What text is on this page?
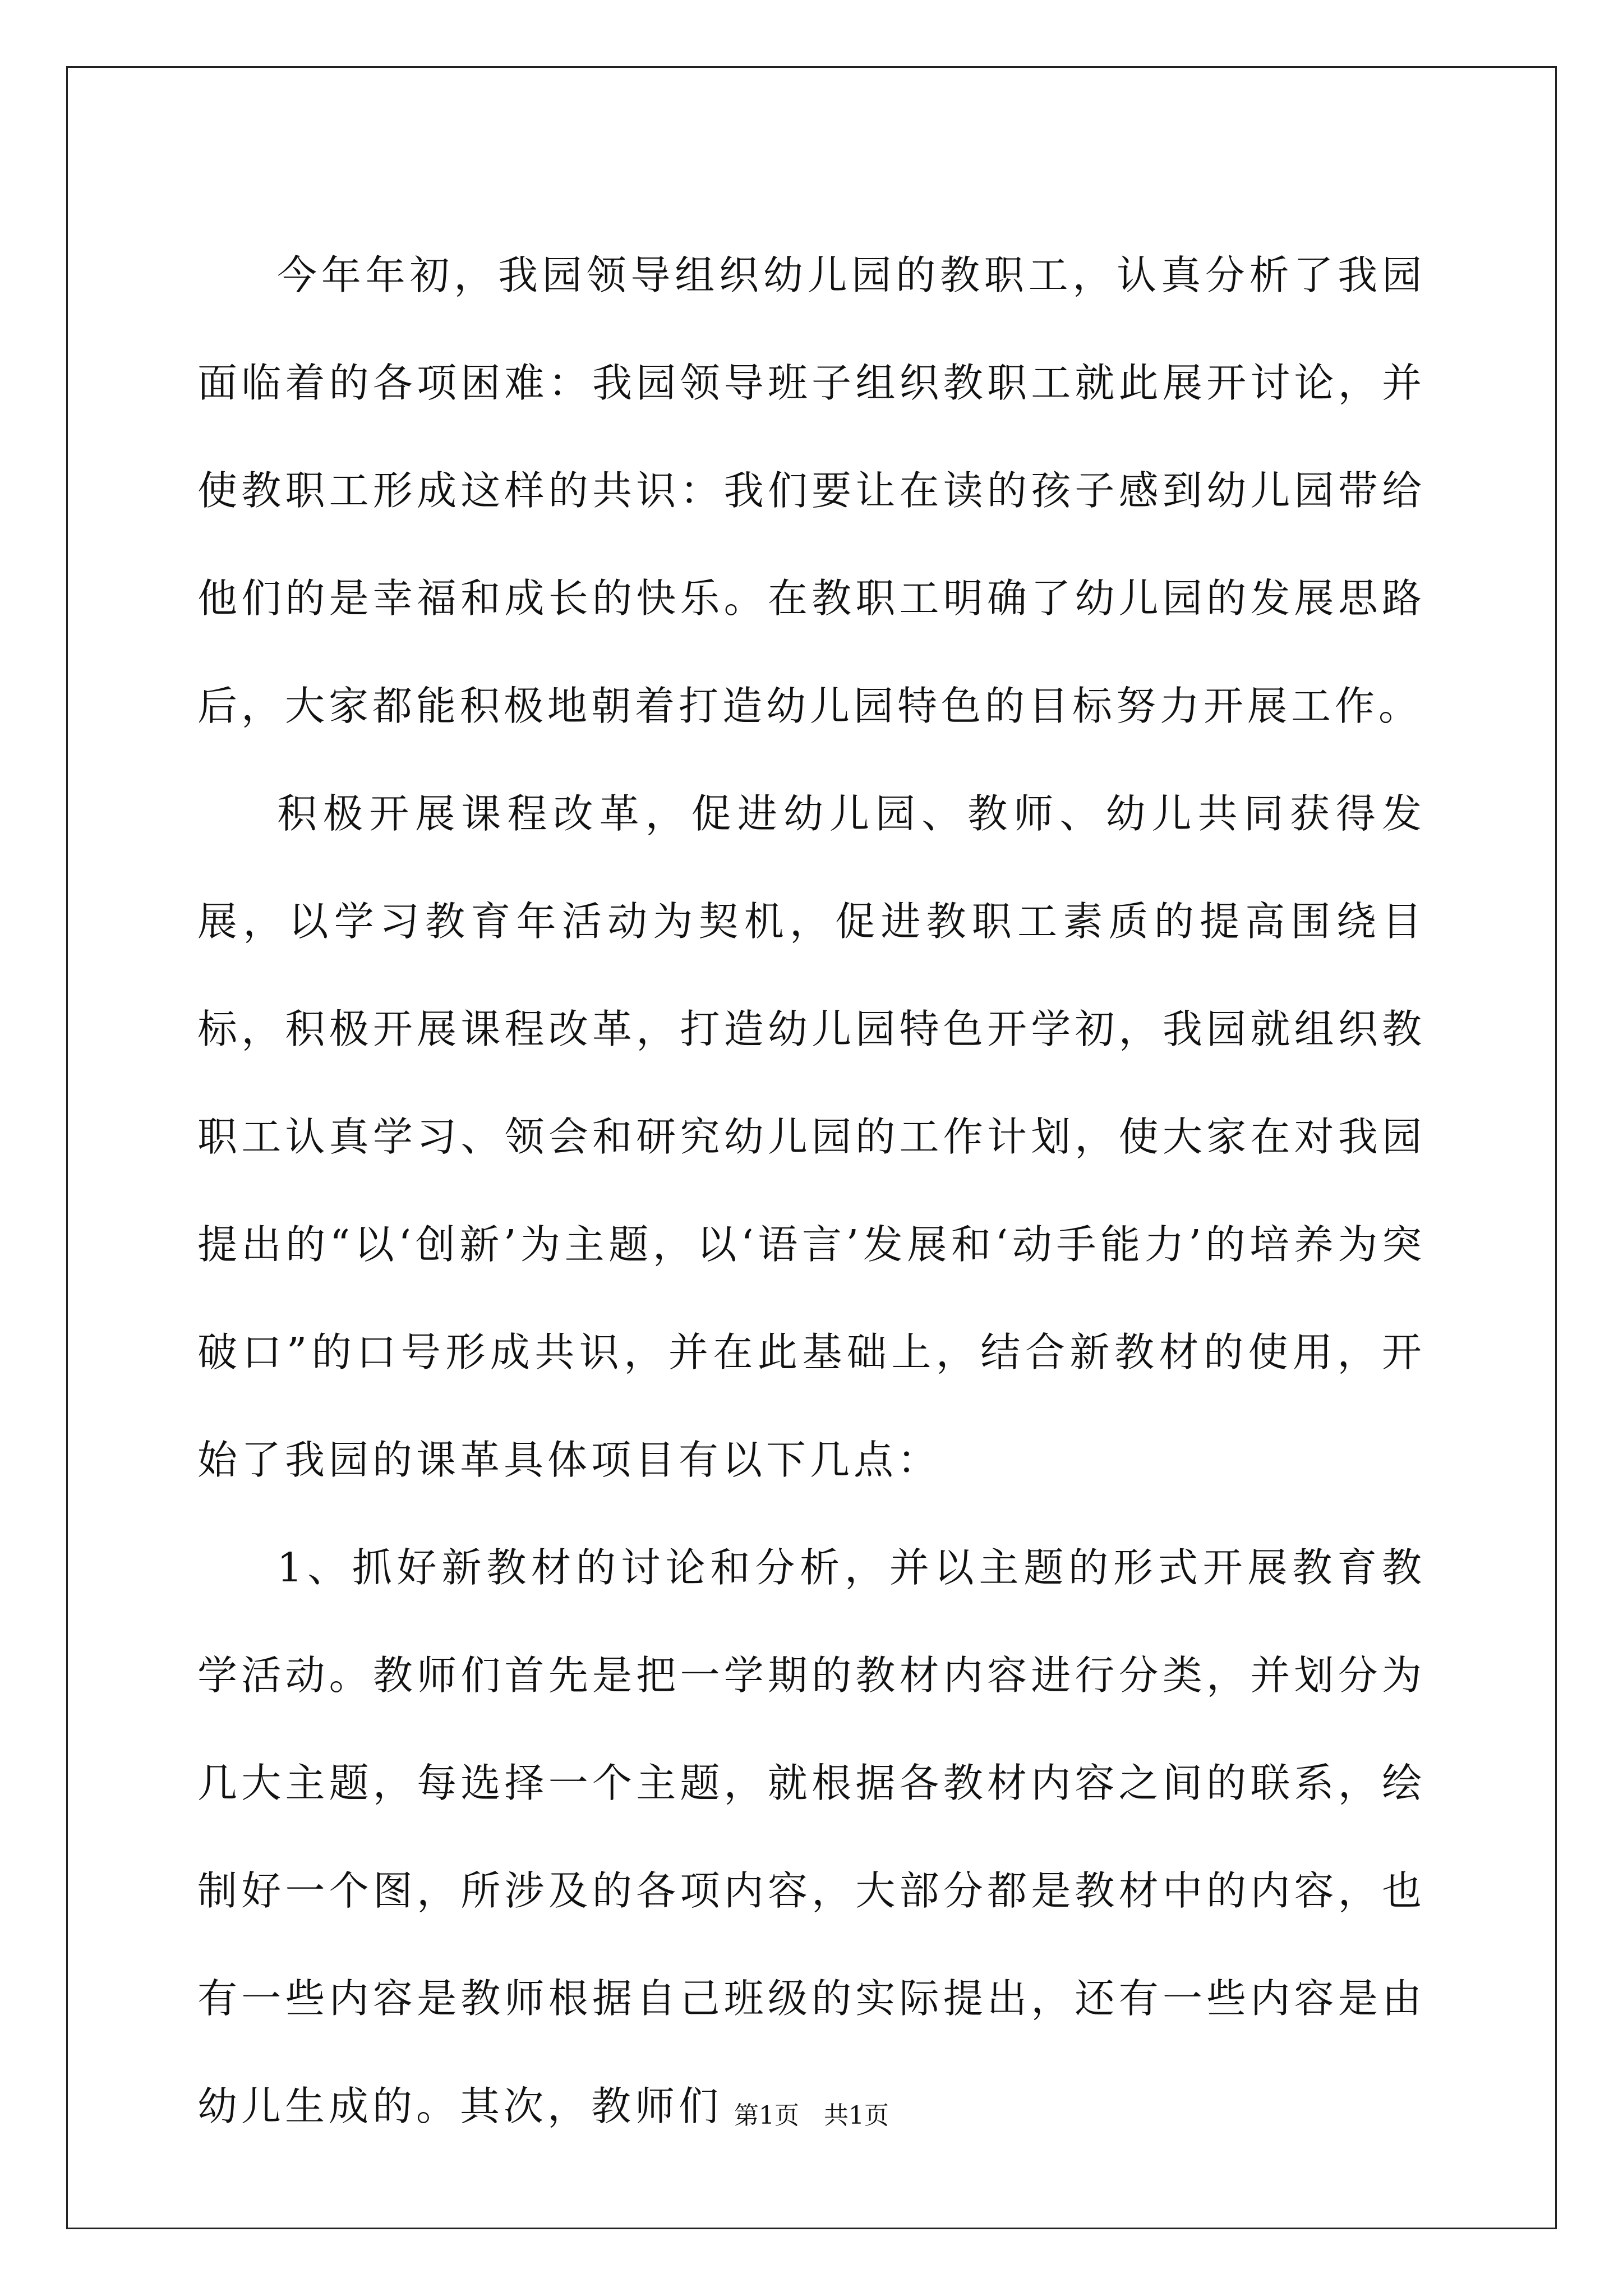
今年年初，我园领导组织幼儿园的教职工，认真分析了我园面临着的各项困难：我园领导班子组织教职工就此展开讨论，并使教职工形成这样的共识：我们要让在读的孩子感到幼儿园带给他们的是幸福和成长的快乐。在教职工明确了幼儿园的发展思路后，大家都能积极地朝着打造幼儿园特色的目标努力开展工作。

积极开展课程改革，促进幼儿园、教师、幼儿共同获得发展，以学习教育年活动为契机，促进教职工素质的提高围绕目标，积极开展课程改革，打造幼儿园特色开学初，我园就组织教职工认真学习、领会和研究幼儿园的工作计划，使大家在对我园提出的“以‘创新’为主题，以‘语言’发展和‘动手能力’的培养为突破口”的口号形成共识，并在此基础上，结合新教材的使用，开始了我园的课革具体项目有以下几点：

1、抓好新教材的讨论和分析，并以主题的形式开展教育教学活动。教师们首先是把一学期的教材内容进行分类，并划分为几大主题，每选择一个主题，就根据各教材内容之间的联系，绘制好一个图，所涉及的各项内容，大部分都是教材中的内容，也有一些内容是教师根据自己班级的实际提出，还有一些内容是由幼儿生成的。其次，教师们 第1页　共1页
